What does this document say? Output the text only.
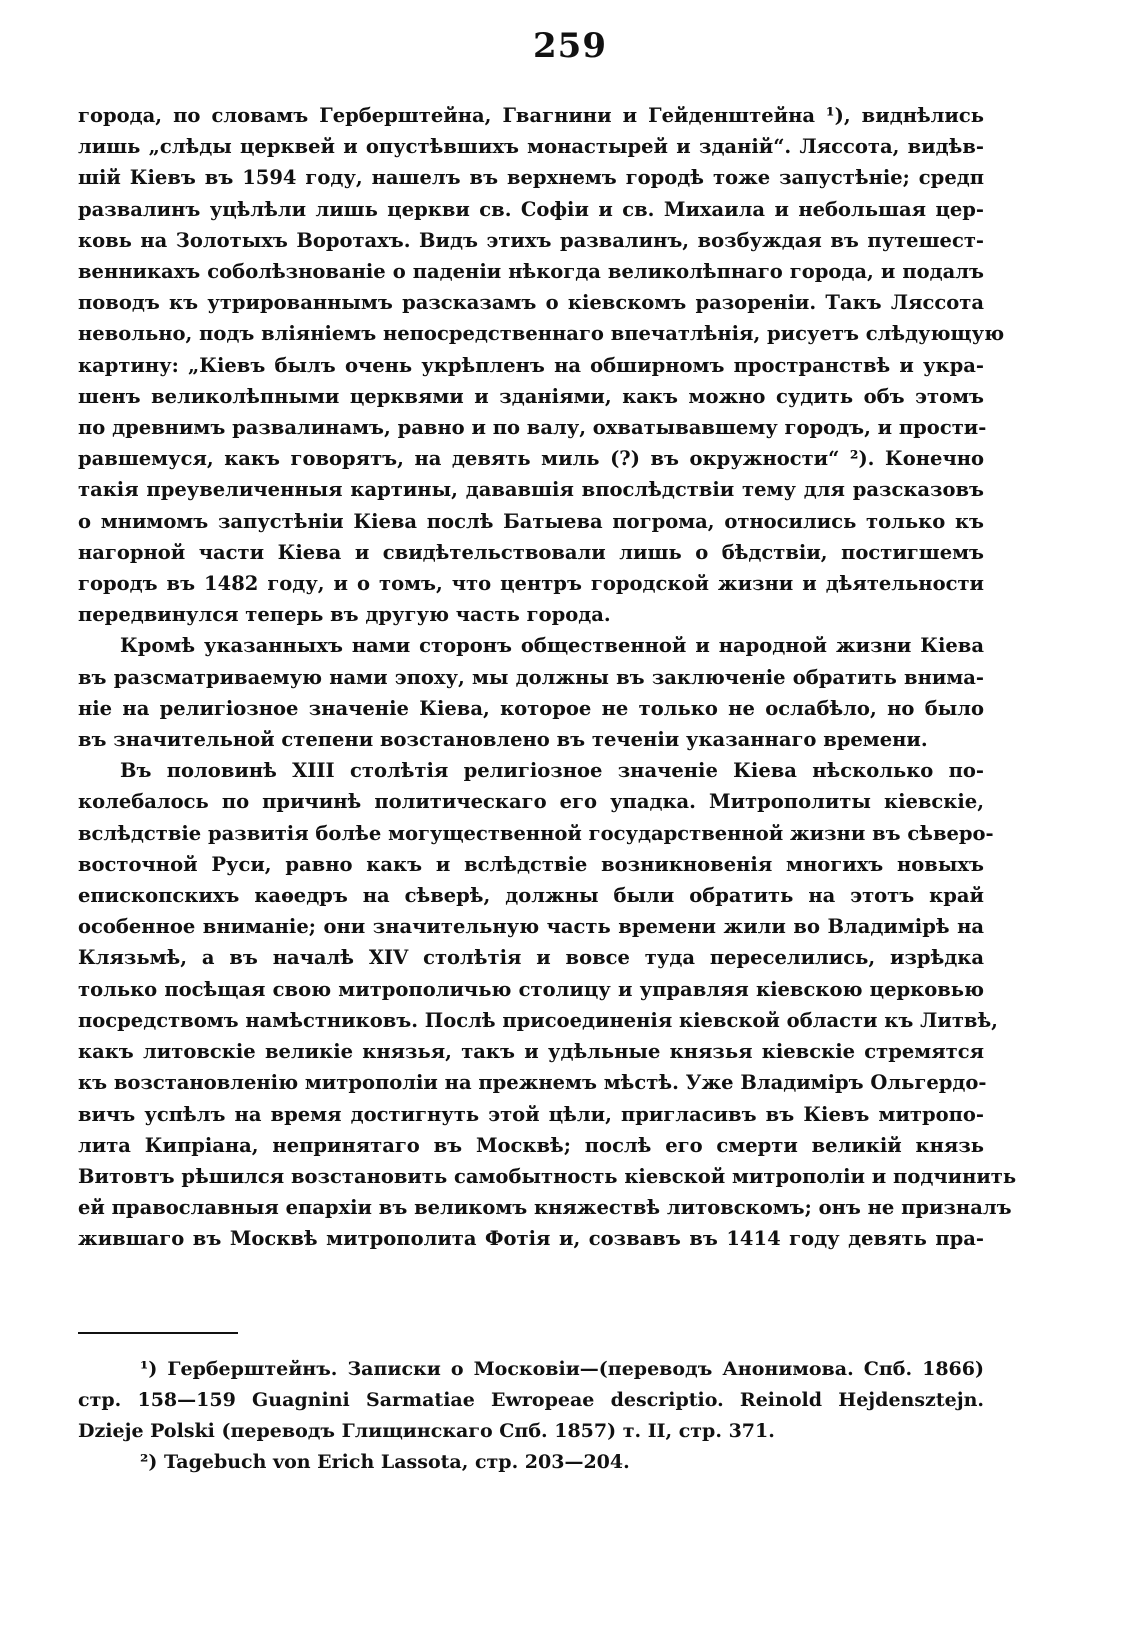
259
города, по словамъ Герберштейна, Гвагнини и Гейденштейна ¹), виднѣлись
лишь „слѣды церквей и опустѣвшихъ монастырей и зданій“. Ляссота, видѣв-
шій Кіевъ въ 1594 году, нашелъ въ верхнемъ городѣ тоже запустѣніе; средп
развалинъ уцѣлѣли лишь церкви св. Софіи и св. Михаила и небольшая цер-
ковь на Золотыхъ Воротахъ. Видъ этихъ развалинъ, возбуждая въ путешест-
венникахъ соболѣзнованіе о паденіи нѣкогда великолѣпнаго города, и подалъ
поводъ къ утрированнымъ разсказамъ о кіевскомъ разореніи. Такъ Ляссота
невольно, подъ вліяніемъ непосредственнаго впечатлѣнія, рисуетъ слѣдующую
картину: „Кіевъ былъ очень укрѣпленъ на обширномъ пространствѣ и укра-
шенъ великолѣпными церквями и зданіями, какъ можно судить объ этомъ
по древнимъ развалинамъ, равно и по валу, охватывавшему городъ, и прости-
равшемуся, какъ говорятъ, на девять миль (?) въ окружности“ ²). Конечно
такія преувеличенныя картины, дававшія впослѣдствіи тему для разсказовъ
о мнимомъ запустѣніи Кіева послѣ Батыева погрома, относились только къ
нагорной части Кіева и свидѣтельствовали лишь о бѣдствіи, постигшемъ
городъ въ 1482 году, и о томъ, что центръ городской жизни и дѣятельности
передвинулся теперь въ другую часть города.
Кромѣ указанныхъ нами сторонъ общественной и народной жизни Кіева
въ разсматриваемую нами эпоху, мы должны въ заключеніе обратить внима-
ніе на религіозное значеніе Кіева, которое не только не ослабѣло, но было
въ значительной степени возстановлено въ теченіи указаннаго времени.
Въ половинѣ XIII столѣтія религіозное значеніе Кіева нѣсколько по-
колебалось по причинѣ политическаго его упадка. Митрополиты кіевскіе,
вслѣдствіе развитія болѣе могущественной государственной жизни въ сѣверо-
восточной Руси, равно какъ и вслѣдствіе возникновенія многихъ новыхъ
епископскихъ каѳедръ на сѣверѣ, должны были обратить на этотъ край
особенное вниманіе; они значительную часть времени жили во Владимірѣ на
Клязьмѣ, а въ началѣ XIV столѣтія и вовсе туда переселились, изрѣдка
только посѣщая свою митрополичью столицу и управляя кіевскою церковью
посредствомъ намѣстниковъ. Послѣ присоединенія кіевской области къ Литвѣ,
какъ литовскіе великіе князья, такъ и удѣльные князья кіевскіе стремятся
къ возстановленію митрополіи на прежнемъ мѣстѣ. Уже Владиміръ Ольгердо-
вичъ успѣлъ на время достигнуть этой цѣли, пригласивъ въ Кіевъ митропо-
лита Кипріана, непринятаго въ Москвѣ; послѣ его смерти великій князь
Витовтъ рѣшился возстановить самобытность кіевской митрополіи и подчинить
ей православныя епархіи въ великомъ княжествѣ литовскомъ; онъ не призналъ
жившаго въ Москвѣ митрополита Фотія и, созвавъ въ 1414 году девять пра-
¹) Герберштейнъ. Записки о Московіи—(переводъ Анонимова. Спб. 1866)
стр. 158—159 Guagnini Sarmatiae Ewropeae descriptio. Reinold Hejdensztejn.
Dzieje Polski (переводъ Глищинскаго Спб. 1857) т. II, стр. 371.
²) Tagebuch von Erich Lassota, стр. 203—204.
